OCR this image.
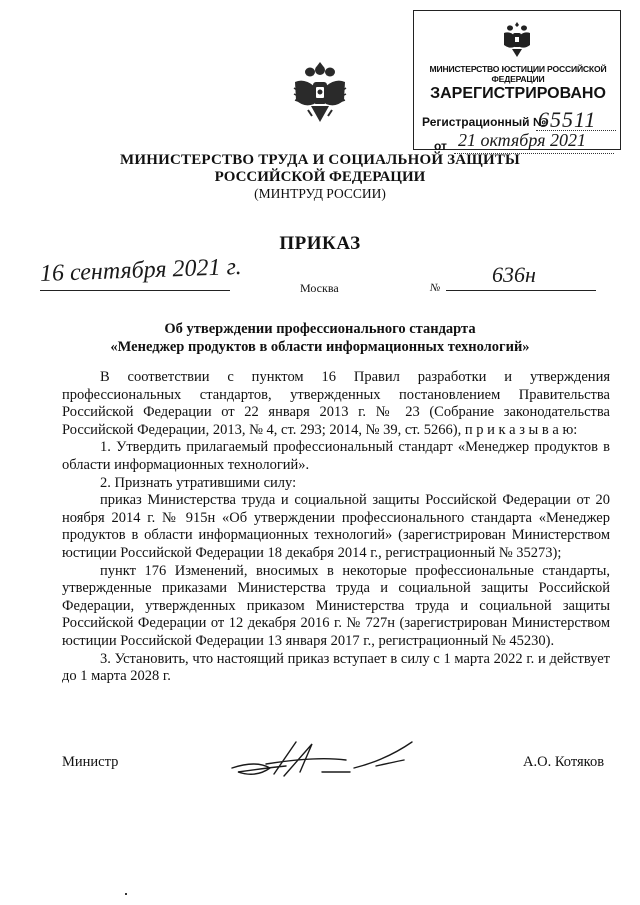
МИНИСТЕРСТВО ЮСТИЦИИ РОССИЙСКОЙ ФЕДЕРАЦИИ
ЗАРЕГИСТРИРОВАНО
Регистрационный №
65511
от 21 октября 2021
МИНИСТЕРСТВО ТРУДА И СОЦИАЛЬНОЙ ЗАЩИТЫ
РОССИЙСКОЙ ФЕДЕРАЦИИ
(МИНТРУД РОССИИ)
ПРИКАЗ
16 сентября 2021 г.
Москва	№
636н
Об утверждении профессионального стандарта
«Менеджер продуктов в области информационных технологий»

В соответствии с пунктом 16 Правил разработки и утверждения профессиональных стандартов, утвержденных постановлением Правительства Российской Федерации от 22 января 2013 г. № 23 (Собрание законодательства Российской Федерации, 2013, № 4, ст. 293; 2014, № 39, ст. 5266), п р и к а з ы в а ю:

1. Утвердить прилагаемый профессиональный стандарт «Менеджер продуктов в области информационных технологий».

2. Признать утратившими силу:

приказ Министерства труда и социальной защиты Российской Федерации от 20 ноября 2014 г. № 915н «Об утверждении профессионального стандарта «Менеджер продуктов в области информационных технологий» (зарегистрирован Министерством юстиции Российской Федерации 18 декабря 2014 г., регистрационный № 35273);

пункт 176 Изменений, вносимых в некоторые профессиональные стандарты, утвержденные приказами Министерства труда и социальной защиты Российской Федерации, утвержденных приказом Министерства труда и социальной защиты Российской Федерации от 12 декабря 2016 г. № 727н (зарегистрирован Министерством юстиции Российской Федерации 13 января 2017 г., регистрационный № 45230).

3. Установить, что настоящий приказ вступает в силу с 1 марта 2022 г. и действует до 1 марта 2028 г.

Министр	А.О. Котяков
